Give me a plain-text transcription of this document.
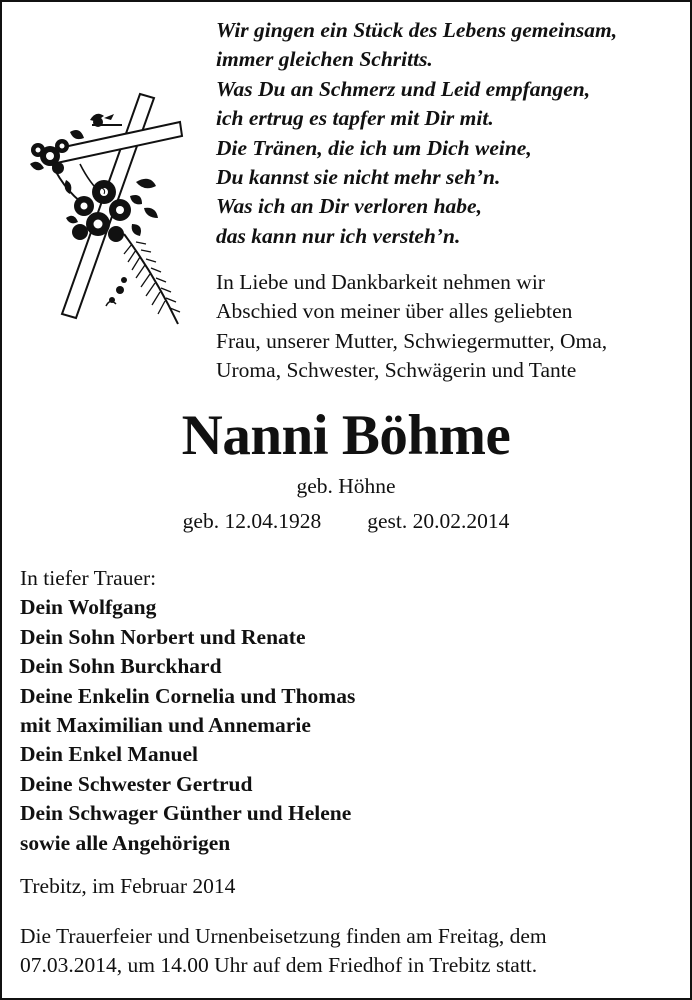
Wir gingen ein Stück des Lebens gemeinsam,
immer gleichen Schritts.
Was Du an Schmerz und Leid empfangen,
ich ertrug es tapfer mit Dir mit.
Die Tränen, die ich um Dich weine,
Du kannst sie nicht mehr seh’n.
Was ich an Dir verloren habe,
das kann nur ich versteh’n.
In Liebe und Dankbarkeit nehmen wir
Abschied von meiner über alles geliebten
Frau, unserer Mutter, Schwiegermutter, Oma,
Uroma, Schwester, Schwägerin und Tante
Nanni Böhme
geb. Höhne
geb. 12.04.1928 gest. 20.02.2014
In tiefer Trauer:
Dein Wolfgang
Dein Sohn Norbert und Renate
Dein Sohn Burckhard
Deine Enkelin Cornelia und Thomas
mit Maximilian und Annemarie
Dein Enkel Manuel
Deine Schwester Gertrud
Dein Schwager Günther und Helene
sowie alle Angehörigen
Trebitz, im Februar 2014
Die Trauerfeier und Urnenbeisetzung finden am Freitag, dem
07.03.2014, um 14.00 Uhr auf dem Friedhof in Trebitz statt.
